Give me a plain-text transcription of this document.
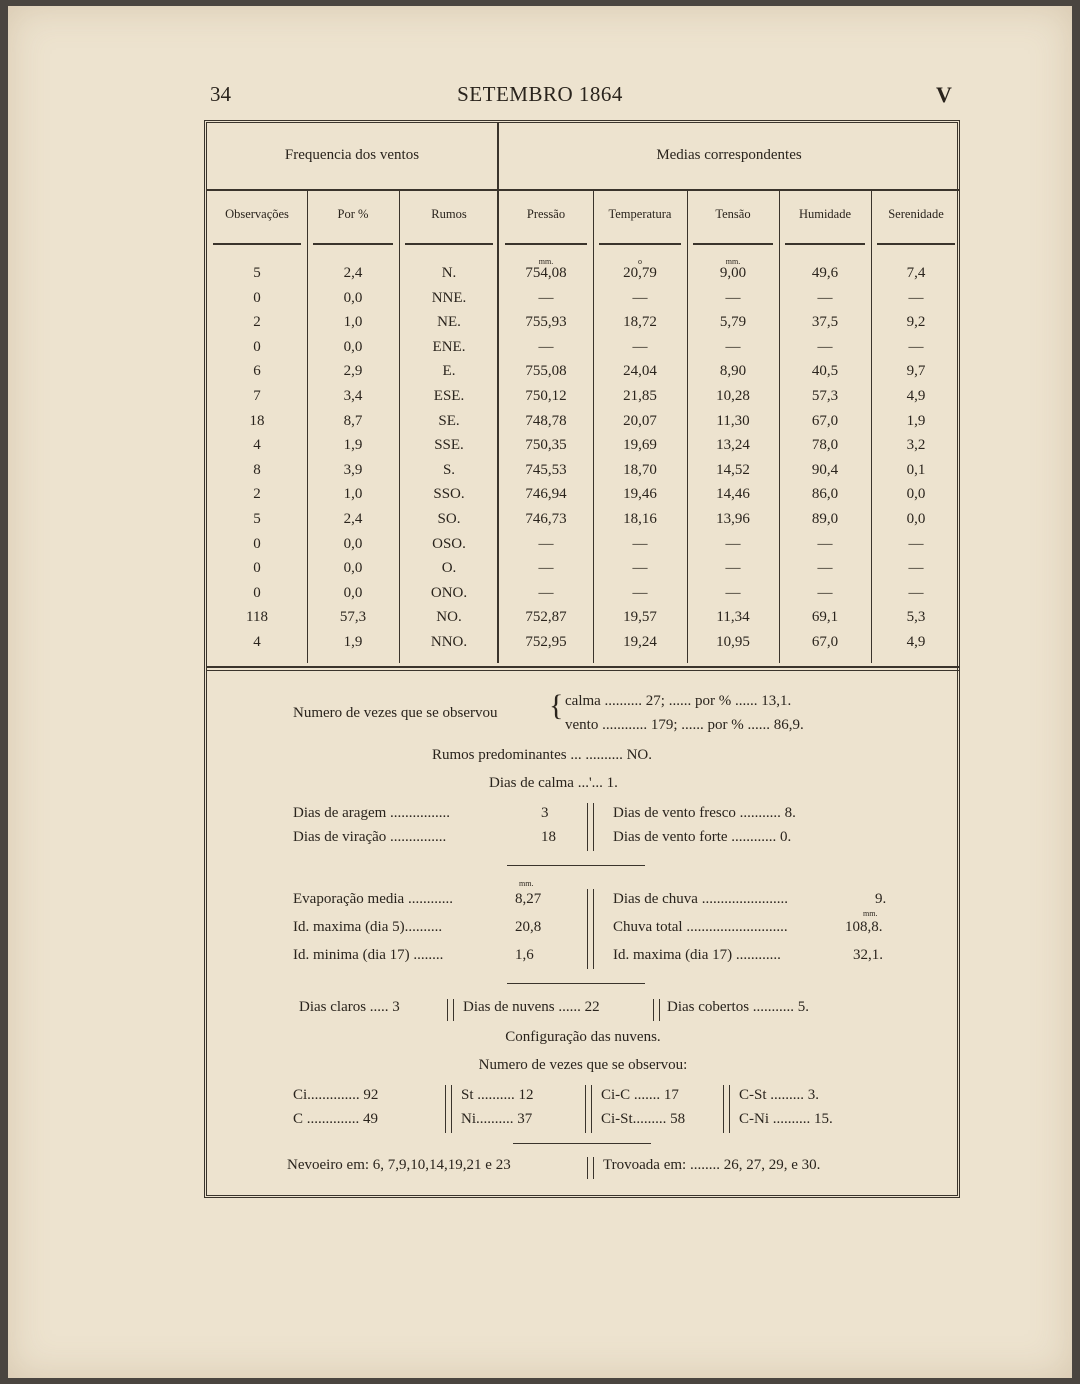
34	SETEMBRO 1864	V
Frequencia dos ventos	Medias correspondentes
Observações	Por %	Rumos	Pressão	Temperatura	Tensão	Humidade	Serenidade
mm.	o	mm.
5	2,4	N.	754,08	20,79	9,00	49,6	7,4
0	0,0	NNE.	—	—	—	—	—
2	1,0	NE.	755,93	18,72	5,79	37,5	9,2
0	0,0	ENE.	—	—	—	—	—
6	2,9	E.	755,08	24,04	8,90	40,5	9,7
7	3,4	ESE.	750,12	21,85	10,28	57,3	4,9
18	8,7	SE.	748,78	20,07	11,30	67,0	1,9
4	1,9	SSE.	750,35	19,69	13,24	78,0	3,2
8	3,9	S.	745,53	18,70	14,52	90,4	0,1
2	1,0	SSO.	746,94	19,46	14,46	86,0	0,0
5	2,4	SO.	746,73	18,16	13,96	89,0	0,0
0	0,0	OSO.	—	—	—	—	—
0	0,0	O.	—	—	—	—	—
0	0,0	ONO.	—	—	—	—	—
118	57,3	NO.	752,87	19,57	11,34	69,1	5,3
4	1,9	NNO.	752,95	19,24	10,95	67,0	4,9
Numero de vezes que se observou { calma .......... 27; ...... por % ...... 13,1.
vento ............ 179; ...... por % ...... 86,9.
Rumos predominantes ... .......... NO.
Dias de calma ...'... 1.
Dias de aragem ................	3
Dias de viração ...............	18
Dias de vento fresco ........... 8.
Dias de vento forte ............ 0.
mm.
Evaporação media ............	8,27
Id. maxima (dia 5)..........	20,8
Id. minima (dia 17) ........	1,6
Dias de chuva .......................	9.
mm.
Chuva total ...........................	108,8.
Id. maxima (dia 17) ............	32,1.
Dias claros ..... 3	Dias de nuvens ...... 22	Dias cobertos ........... 5.
Configuração das nuvens.
Numero de vezes que se observou:
Ci.............. 92
C .............. 49
St .......... 12
Ni.......... 37
Ci-C ....... 17
Ci-St......... 58
C-St ......... 3.
C-Ni .......... 15.
Nevoeiro em: 6, 7,9,10,14,19,21 e 23	Trovoada em: ........ 26, 27, 29, e 30.
